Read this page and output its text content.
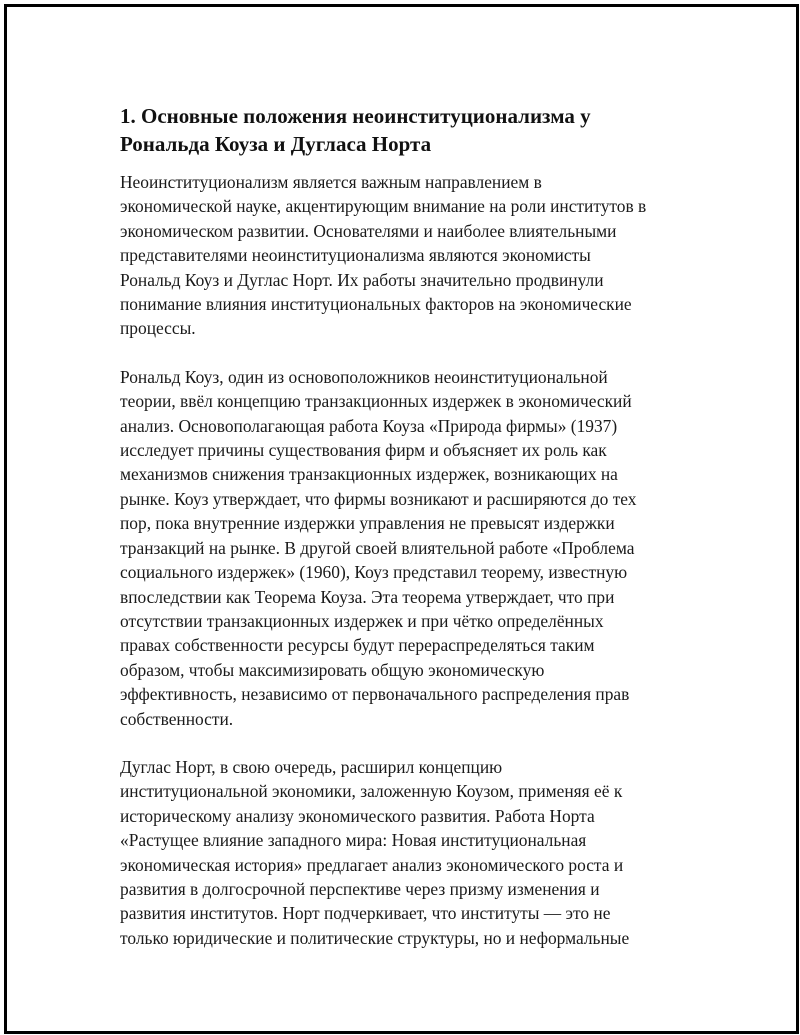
1. Основные положения неоинституционализма у
Рональда Коуза и Дугласа Норта

Неоинституционализм является важным направлением в
экономической науке, акцентирующим внимание на роли институтов в
экономическом развитии. Основателями и наиболее влиятельными
представителями неоинституционализма являются экономисты
Рональд Коуз и Дуглас Норт. Их работы значительно продвинули
понимание влияния институциональных факторов на экономические
процессы.

Рональд Коуз, один из основоположников неоинституциональной
теории, ввёл концепцию транзакционных издержек в экономический
анализ. Основополагающая работа Коуза «Природа фирмы» (1937)
исследует причины существования фирм и объясняет их роль как
механизмов снижения транзакционных издержек, возникающих на
рынке. Коуз утверждает, что фирмы возникают и расширяются до тех
пор, пока внутренние издержки управления не превысят издержки
транзакций на рынке. В другой своей влиятельной работе «Проблема
социального издержек» (1960), Коуз представил теорему, известную
впоследствии как Теорема Коуза. Эта теорема утверждает, что при
отсутствии транзакционных издержек и при чётко определённых
правах собственности ресурсы будут перераспределяться таким
образом, чтобы максимизировать общую экономическую
эффективность, независимо от первоначального распределения прав
собственности.

Дуглас Норт, в свою очередь, расширил концепцию
институциональной экономики, заложенную Коузом, применяя её к
историческому анализу экономического развития. Работа Норта
«Растущее влияние западного мира: Новая институциональная
экономическая история» предлагает анализ экономического роста и
развития в долгосрочной перспективе через призму изменения и
развития институтов. Норт подчеркивает, что институты — это не
только юридические и политические структуры, но и неформальные
